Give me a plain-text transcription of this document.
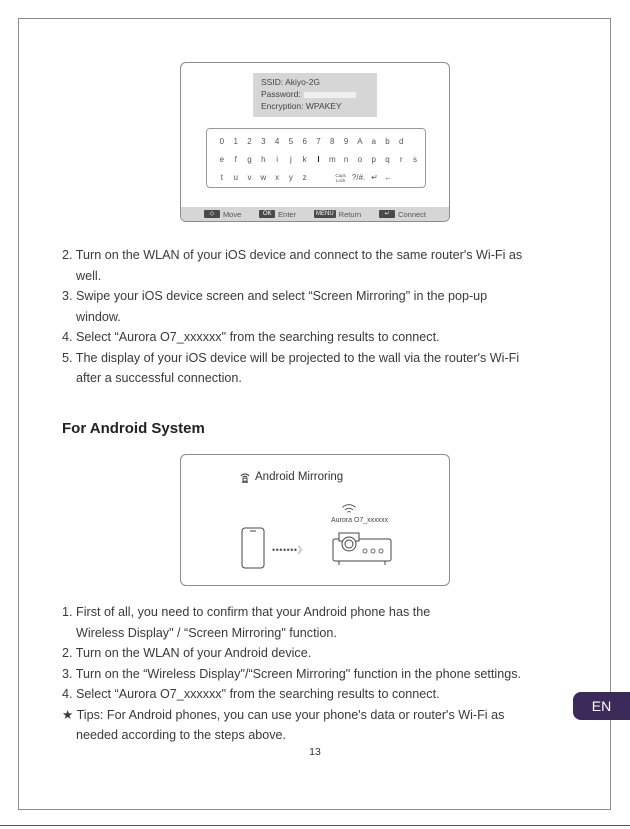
SSID: Akiyo-2G
Password:
Encryption: WPAKEY
0	1	2	3	4	5	6	7	8	9	A	a	b	d
e	f	g	h	i	j	k	l	m	n	o	p	q	r	s
t	u	v	w	x	y	z	Caps Lock ?/#. ↵ ←
◇	Move	OK Enter	MENU Return	↵	Connect
2. Turn on the WLAN of your iOS device and connect to the same router's Wi-Fi as
well.
3. Swipe your iOS device screen and select “Screen Mirroring" in the pop-up
window.
4. Select “Aurora O7_xxxxxx" from the searching results to connect.
5. The display of your iOS device will be projected to the wall via the router's Wi-Fi
after a successful connection.
For Android System
Android Mirroring
Aurora O7_xxxxxx
•••••••》
1. First of all, you need to confirm that your Android phone has the
Wireless Display" / “Screen Mirroring" function.
2. Turn on the WLAN of your Android device.
3. Turn on the “Wireless Display"/“Screen Mirroring" function in the phone settings.
4. Select “Aurora O7_xxxxxx" from the searching results to connect.
★ Tips: For Android phones, you can use your phone's data or router's Wi-Fi as
needed according to the steps above.
EN
13
